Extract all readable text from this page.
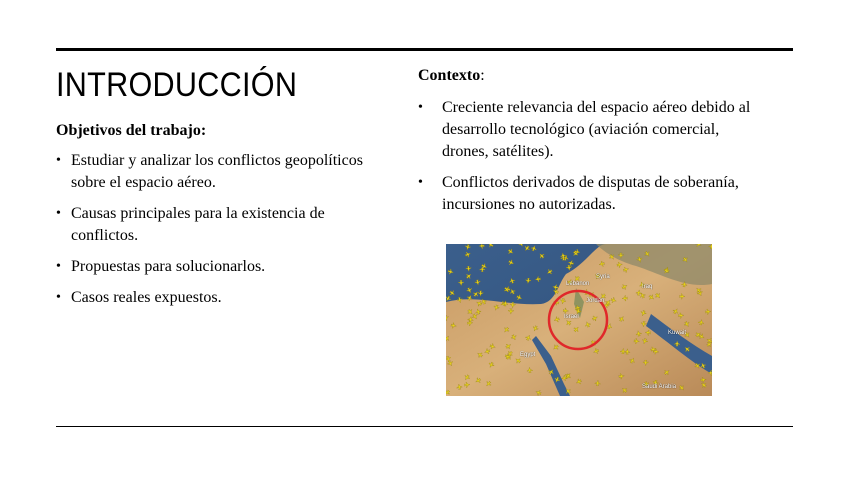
INTRODUCCIÓN

Objetivos del trabajo:

• Estudiar y analizar los conflictos geopolíticos sobre el espacio aéreo.
• Causas principales para la existencia de conflictos.
• Propuestas para solucionarlos.
• Casos reales expuestos.

Contexto:

• Creciente relevancia del espacio aéreo debido al desarrollo tecnológico (aviación comercial, drones, satélites).
• Conflictos derivados de disputas de soberanía, incursiones no autorizadas.
Syria
Lebanon
Israel
Jordan
Iraq
Egypt
Kuwait
Saudi Arabia
